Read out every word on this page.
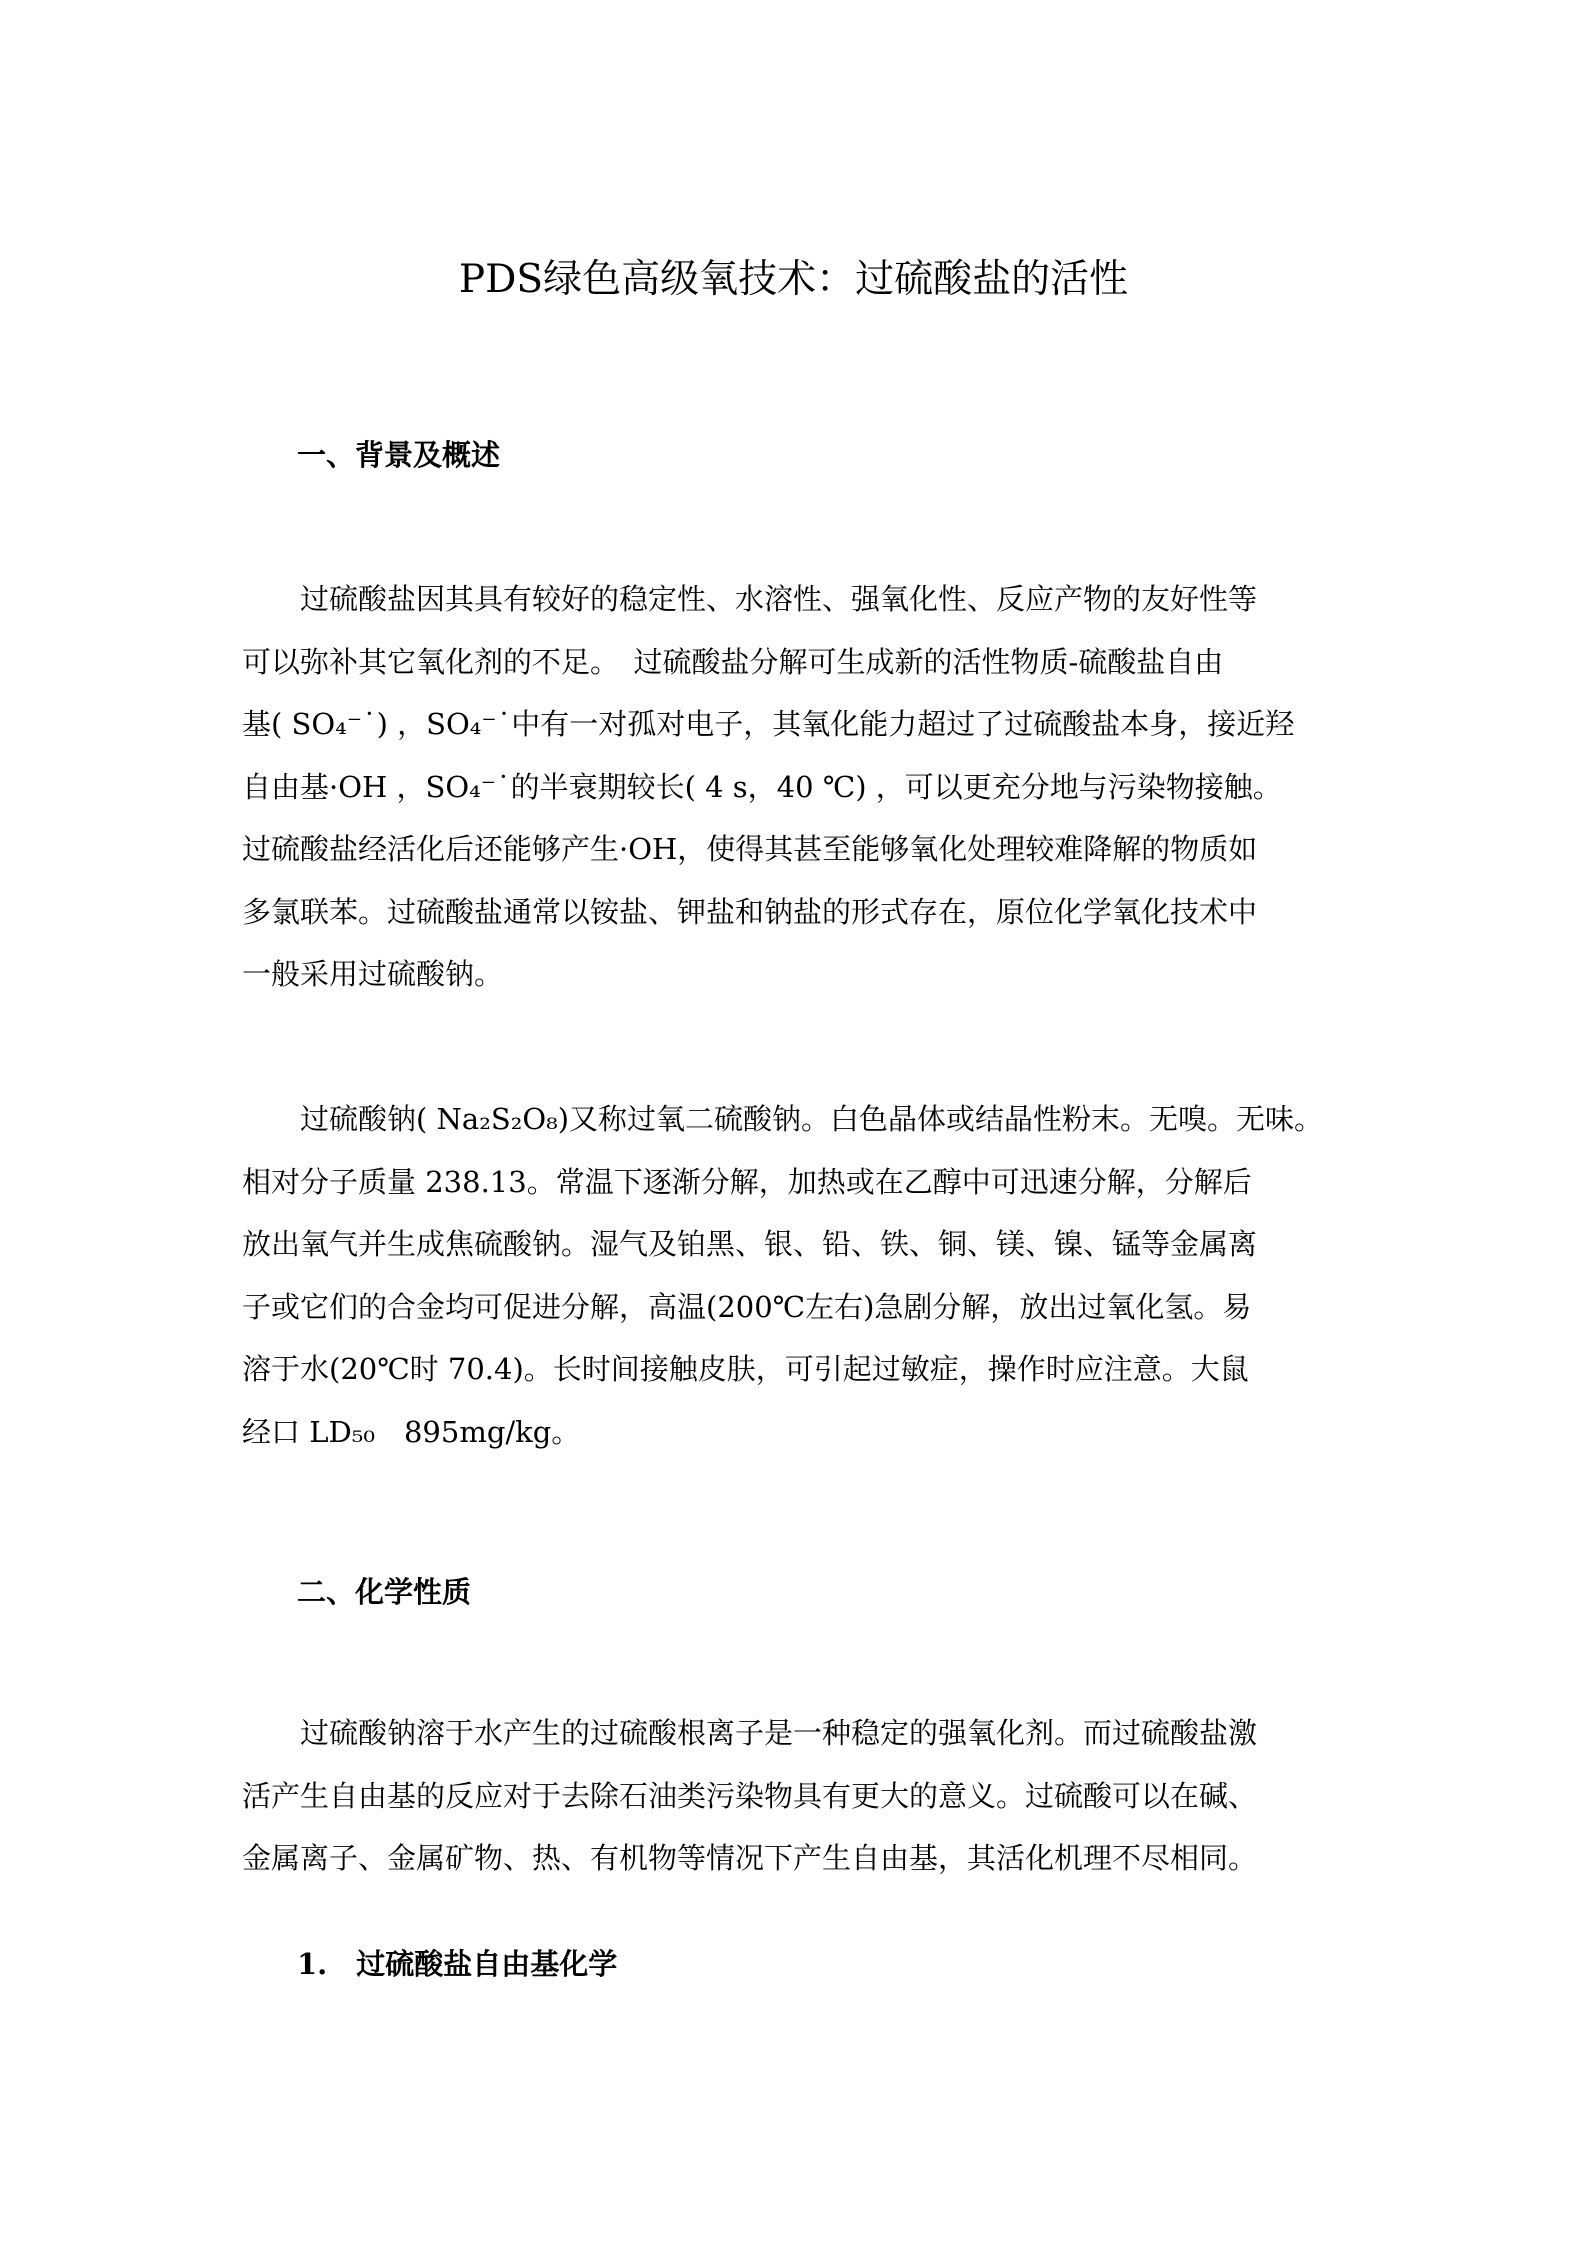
PDS绿色高级氧技术：过硫酸盐的活性
一、背景及概述
过硫酸盐因其具有较好的稳定性、水溶性、强氧化性、反应产物的友好性等
可以弥补其它氧化剂的不足。　过硫酸盐分解可生成新的活性物质-硫酸盐自由
基( SO₄⁻˙) ，SO₄⁻˙中有一对孤对电子，其氧化能力超过了过硫酸盐本身，接近羟
自由基·OH ，SO₄⁻˙的半衰期较长( 4 s，40 ℃) ，可以更充分地与污染物接触。
过硫酸盐经活化后还能够产生·OH，使得其甚至能够氧化处理较难降解的物质如
多氯联苯。过硫酸盐通常以铵盐、钾盐和钠盐的形式存在，原位化学氧化技术中
一般采用过硫酸钠。
过硫酸钠( Na₂S₂O₈)又称过氧二硫酸钠。白色晶体或结晶性粉末。无嗅。无味。
相对分子质量 238.13。常温下逐渐分解，加热或在乙醇中可迅速分解，分解后
放出氧气并生成焦硫酸钠。湿气及铂黑、银、铅、铁、铜、镁、镍、锰等金属离
子或它们的合金均可促进分解，高温(200℃左右)急剧分解，放出过氧化氢。易
溶于水(20℃时 70.4)。长时间接触皮肤，可引起过敏症，操作时应注意。大鼠
经口 LD₅₀　895mg/kg。
二、化学性质
过硫酸钠溶于水产生的过硫酸根离子是一种稳定的强氧化剂。而过硫酸盐激
活产生自由基的反应对于去除石油类污染物具有更大的意义。过硫酸可以在碱、
金属离子、金属矿物、热、有机物等情况下产生自由基，其活化机理不尽相同。
1.　过硫酸盐自由基化学
